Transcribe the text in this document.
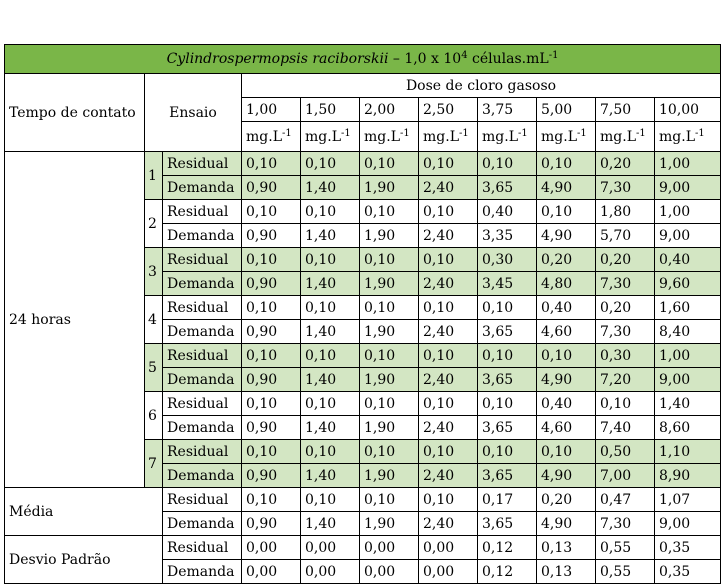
Cylindrospermopsis raciborskii – 1,0 x $10^4$ $células.mL^{-1}$
Tempo de contato	Ensaio		Dose de cloro gasoso							
			1,00	1,50	2,00	2,50	3,75	5,00	7,50	10,00
			$mg.L^{-1}$	$mg.L^{-1}$	$mg.L^{-1}$	$mg.L^{-1}$	$mg.L^{-1}$	$mg.L^{-1}$	$mg.L^{-1}$	$mg.L^{-1}$
24 horas	1	Residual	0,10	0,10	0,10	0,10	0,10	0,10	0,20	1,00
		Demanda	0,90	1,40	1,90	2,40	3,65	4,90	7,30	9,00
	2	Residual	0,10	0,10	0,10	0,10	0,40	0,10	1,80	1,00
		Demanda	0,90	1,40	1,90	2,40	3,35	4,90	5,70	9,00
	3	Residual	0,10	0,10	0,10	0,10	0,30	0,20	0,20	0,40
		Demanda	0,90	1,40	1,90	2,40	3,45	4,80	7,30	9,60
	4	Residual	0,10	0,10	0,10	0,10	0,10	0,40	0,20	1,60
		Demanda	0,90	1,40	1,90	2,40	3,65	4,60	7,30	8,40
	5	Residual	0,10	0,10	0,10	0,10	0,10	0,10	0,30	1,00
		Demanda	0,90	1,40	1,90	2,40	3,65	4,90	7,20	9,00
	6	Residual	0,10	0,10	0,10	0,10	0,10	0,40	0,10	1,40
		Demanda	0,90	1,40	1,90	2,40	3,65	4,60	7,40	8,60
	7	Residual	0,10	0,10	0,10	0,10	0,10	0,10	0,50	1,10
		Demanda	0,90	1,40	1,90	2,40	3,65	4,90	7,00	8,90
Média		Residual	0,10	0,10	0,10	0,10	0,17	0,20	0,47	1,07
		Demanda	0,90	1,40	1,90	2,40	3,65	4,90	7,30	9,00
Desvio Padrão		Residual	0,00	0,00	0,00	0,00	0,12	0,13	0,55	0,35
		Demanda	0,00	0,00	0,00	0,00	0,12	0,13	0,55	0,35
